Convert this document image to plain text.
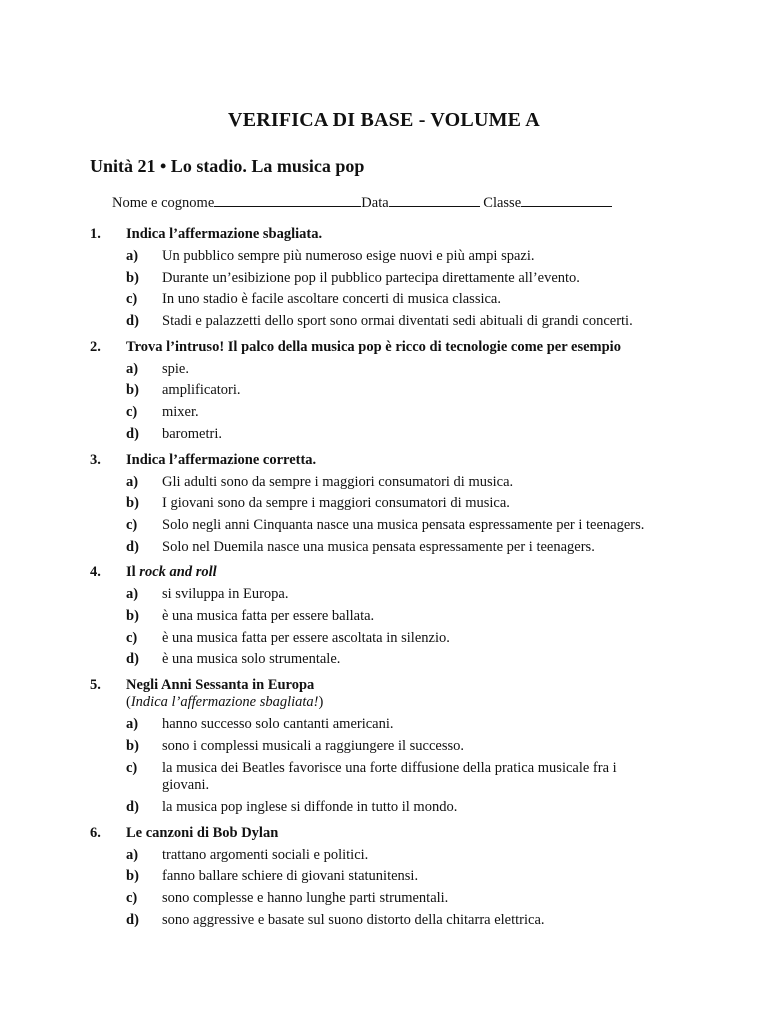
VERIFICA DI BASE - VOLUME A
Unità 21 • Lo stadio. La musica pop
Nome e cognome	Data	Classe
1. Indica l’affermazione sbagliata.
a) Un pubblico sempre più numeroso esige nuovi e più ampi spazi.
b) Durante un’esibizione pop il pubblico partecipa direttamente all’evento.
c) In uno stadio è facile ascoltare concerti di musica classica.
d) Stadi e palazzetti dello sport sono ormai diventati sedi abituali di grandi concerti.
2. Trova l’intruso! Il palco della musica pop è ricco di tecnologie come per esempio
a) spie.
b) amplificatori.
c) mixer.
d) barometri.
3. Indica l’affermazione corretta.
a) Gli adulti sono da sempre i maggiori consumatori di musica.
b) I giovani sono da sempre i maggiori consumatori di musica.
c) Solo negli anni Cinquanta nasce una musica pensata espressamente per i teenagers.
d) Solo nel Duemila nasce una musica pensata espressamente per i teenagers.
4. Il rock and roll
a) si sviluppa in Europa.
b) è una musica fatta per essere ballata.
c) è una musica fatta per essere ascoltata in silenzio.
d) è una musica solo strumentale.
5. Negli Anni Sessanta in Europa
(Indica l’affermazione sbagliata!)
a) hanno successo solo cantanti americani.
b) sono i complessi musicali a raggiungere il successo.
c) la musica dei Beatles favorisce una forte diffusione della pratica musicale fra i giovani.
d) la musica pop inglese si diffonde in tutto il mondo.
6. Le canzoni di Bob Dylan
a) trattano argomenti sociali e politici.
b) fanno ballare schiere di giovani statunitensi.
c) sono complesse e hanno lunghe parti strumentali.
d) sono aggressive e basate sul suono distorto della chitarra elettrica.
